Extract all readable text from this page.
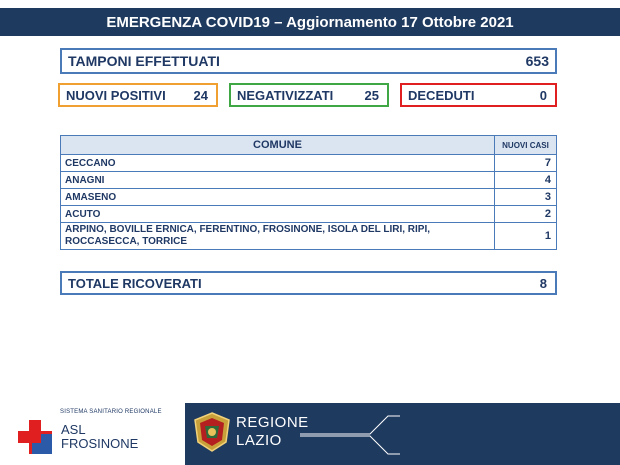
EMERGENZA COVID19 – Aggiornamento 17 Ottobre 2021
TAMPONI EFFETTUATI	653
NUOVI POSITIVI 24 NEGATIVIZZATI 25 DECEDUTI	0
COMUNE	NUOVI CASI
CECCANO	7
ANAGNI	4
AMASENO	3
ACUTO	2
ARPINO, BOVILLE ERNICA, FERENTINO, FROSINONE, ISOLA DEL LIRI, RIPI, ROCCASECCA, TORRICE	1
TOTALE RICOVERATI	8
SISTEMA SANITARIO REGIONALE
ASL
FROSINONE
REGIONE
LAZIO
